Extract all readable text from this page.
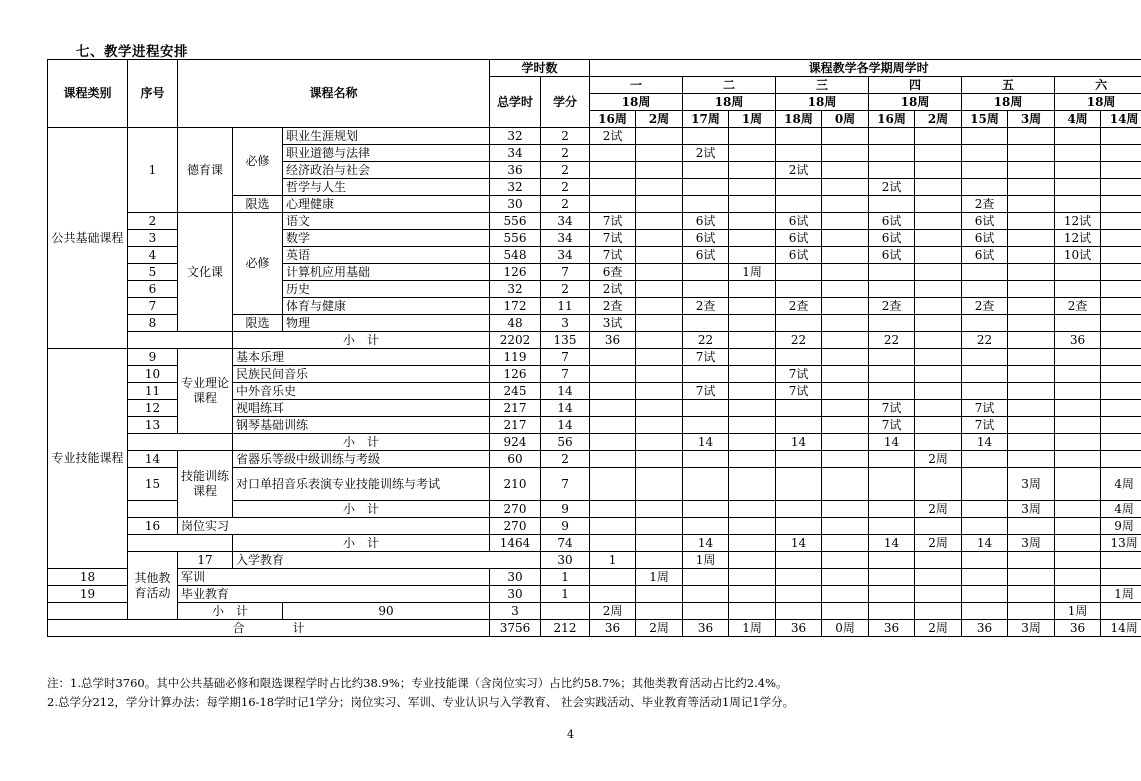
七、教学进程安排
课程类别	序号	课程名称			学时数		课程教学各学期周学时												
					总学时	学分	一		二		三		四		五		六		
							18周		18周		18周		18周		18周		18周		
							16周	2周	17周	1周	18周	0周	16周	2周	15周	3周	4周	14周	
公共基础课程	1	德育课	必修	职业生涯规划	32	2	2试												
				职业道德与法律	34	2			2试										
				经济政治与社会	36	2					2试								
				哲学与人生	32	2							2试						
			限选	心理健康	30	2									2查				
	2	文化课	必修	语文	556	34	7试		6试		6试		6试		6试		12试		
	3			数学	556	34	7试		6试		6试		6试		6试		12试		
	4			英语	548	34	7试		6试		6试		6试		6试		10试		
	5			计算机应用基础	126	7	6查			1周									
	6			历史	32	2	2试												
	7			体育与健康	172	11	2查		2查		2查		2查		2查		2查		
	8		限选	物理	48	3	3试												
			小　计		2202	135	36		22		22		22		22		36		
专业技能课程	9	专业理论课程	基本乐理		119	7			7试										
	10		民族民间音乐		126	7					7试								
	11		中外音乐史		245	14			7试		7试								
	12		视唱练耳		217	14							7试		7试				
	13		钢琴基础训练		217	14							7试		7试				
			小　计		924	56			14		14		14		14				
	14	技能训练课程	省器乐等级中级训练与考级		60	2								2周					
	15		对口单招音乐表演专业技能训练与考试		210	7										3周		4周	
			小　计		270	9								2周		3周		4周	
	16	岗位实习			270	9												9周	
			小　计		1464	74			14		14		14	2周	14	3周		13周	
	其他教育活动	17	入学教育			30	1		1周										
18		军训			30	1		1周											
19		毕业教育			30	1												1周	
		小　计		90	3		2周										1周		
合　　　　计					3756	212	36	2周	36	1周	36	0周	36	2周	36	3周	36	14周	
注：1.总学时3760。其中公共基础必修和限选课程学时占比约38.9%；专业技能课（含岗位实习）占比约58.7%；其他类教育活动占比约2.4%。
2.总学分212，学分计算办法：每学期16-18学时记1学分；岗位实习、军训、专业认识与入学教育、 社会实践活动、毕业教育等活动1周记1学分。
4
